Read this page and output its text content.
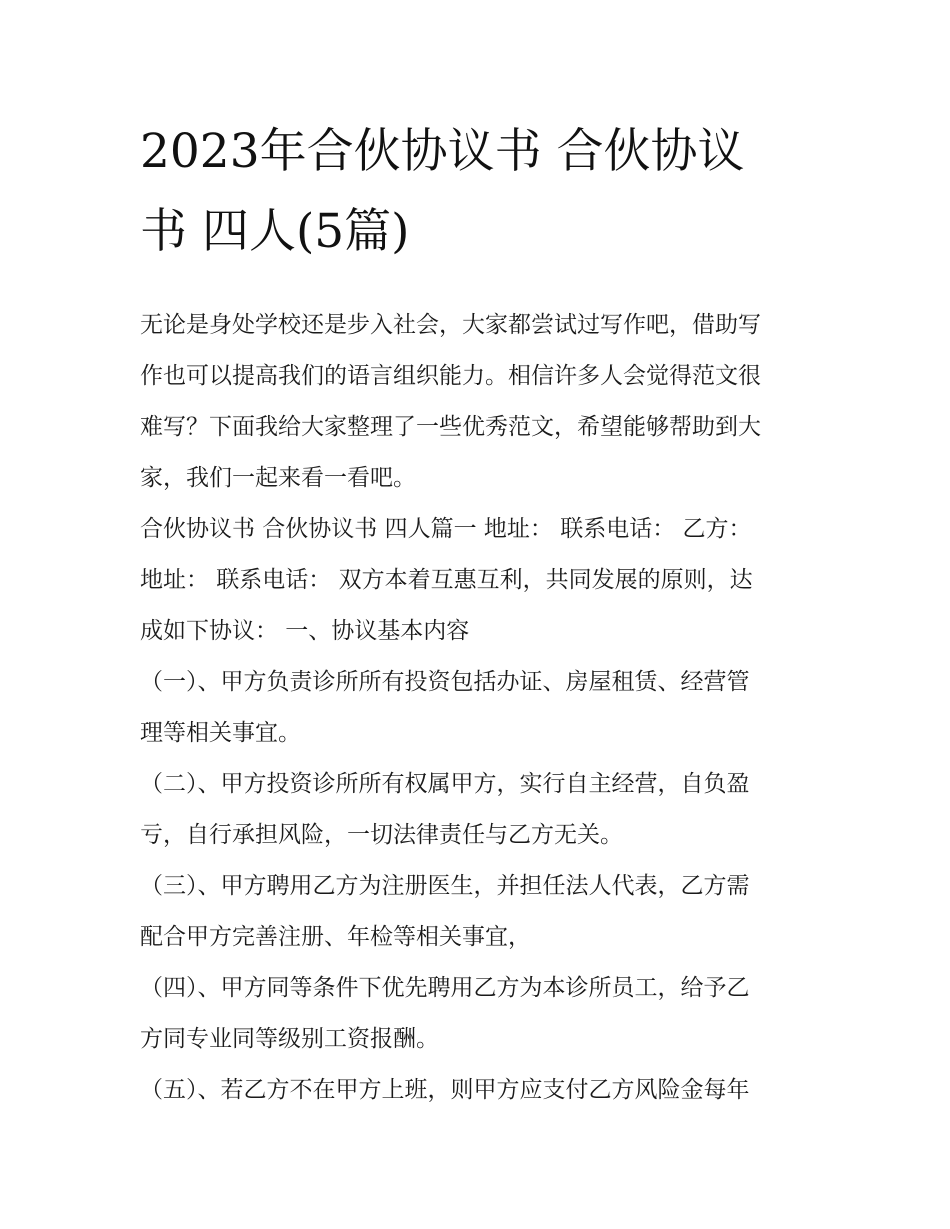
2023年合伙协议书 合伙协议
书 四人(5篇)

无论是身处学校还是步入社会，大家都尝试过写作吧，借助写
作也可以提高我们的语言组织能力。相信许多人会觉得范文很
难写？下面我给大家整理了一些优秀范文，希望能够帮助到大
家，我们一起来看一看吧。

合伙协议书 合伙协议书 四人篇一 地址： 联系电话： 乙方：
地址： 联系电话： 双方本着互惠互利，共同发展的原则，达
成如下协议： 一、协议基本内容

（一）、甲方负责诊所所有投资包括办证、房屋租赁、经营管
理等相关事宜。

（二）、甲方投资诊所所有权属甲方，实行自主经营，自负盈
亏，自行承担风险，一切法律责任与乙方无关。

（三）、甲方聘用乙方为注册医生，并担任法人代表，乙方需
配合甲方完善注册、年检等相关事宜，

（四）、甲方同等条件下优先聘用乙方为本诊所员工，给予乙
方同专业同等级别工资报酬。

（五）、若乙方不在甲方上班，则甲方应支付乙方风险金每年
